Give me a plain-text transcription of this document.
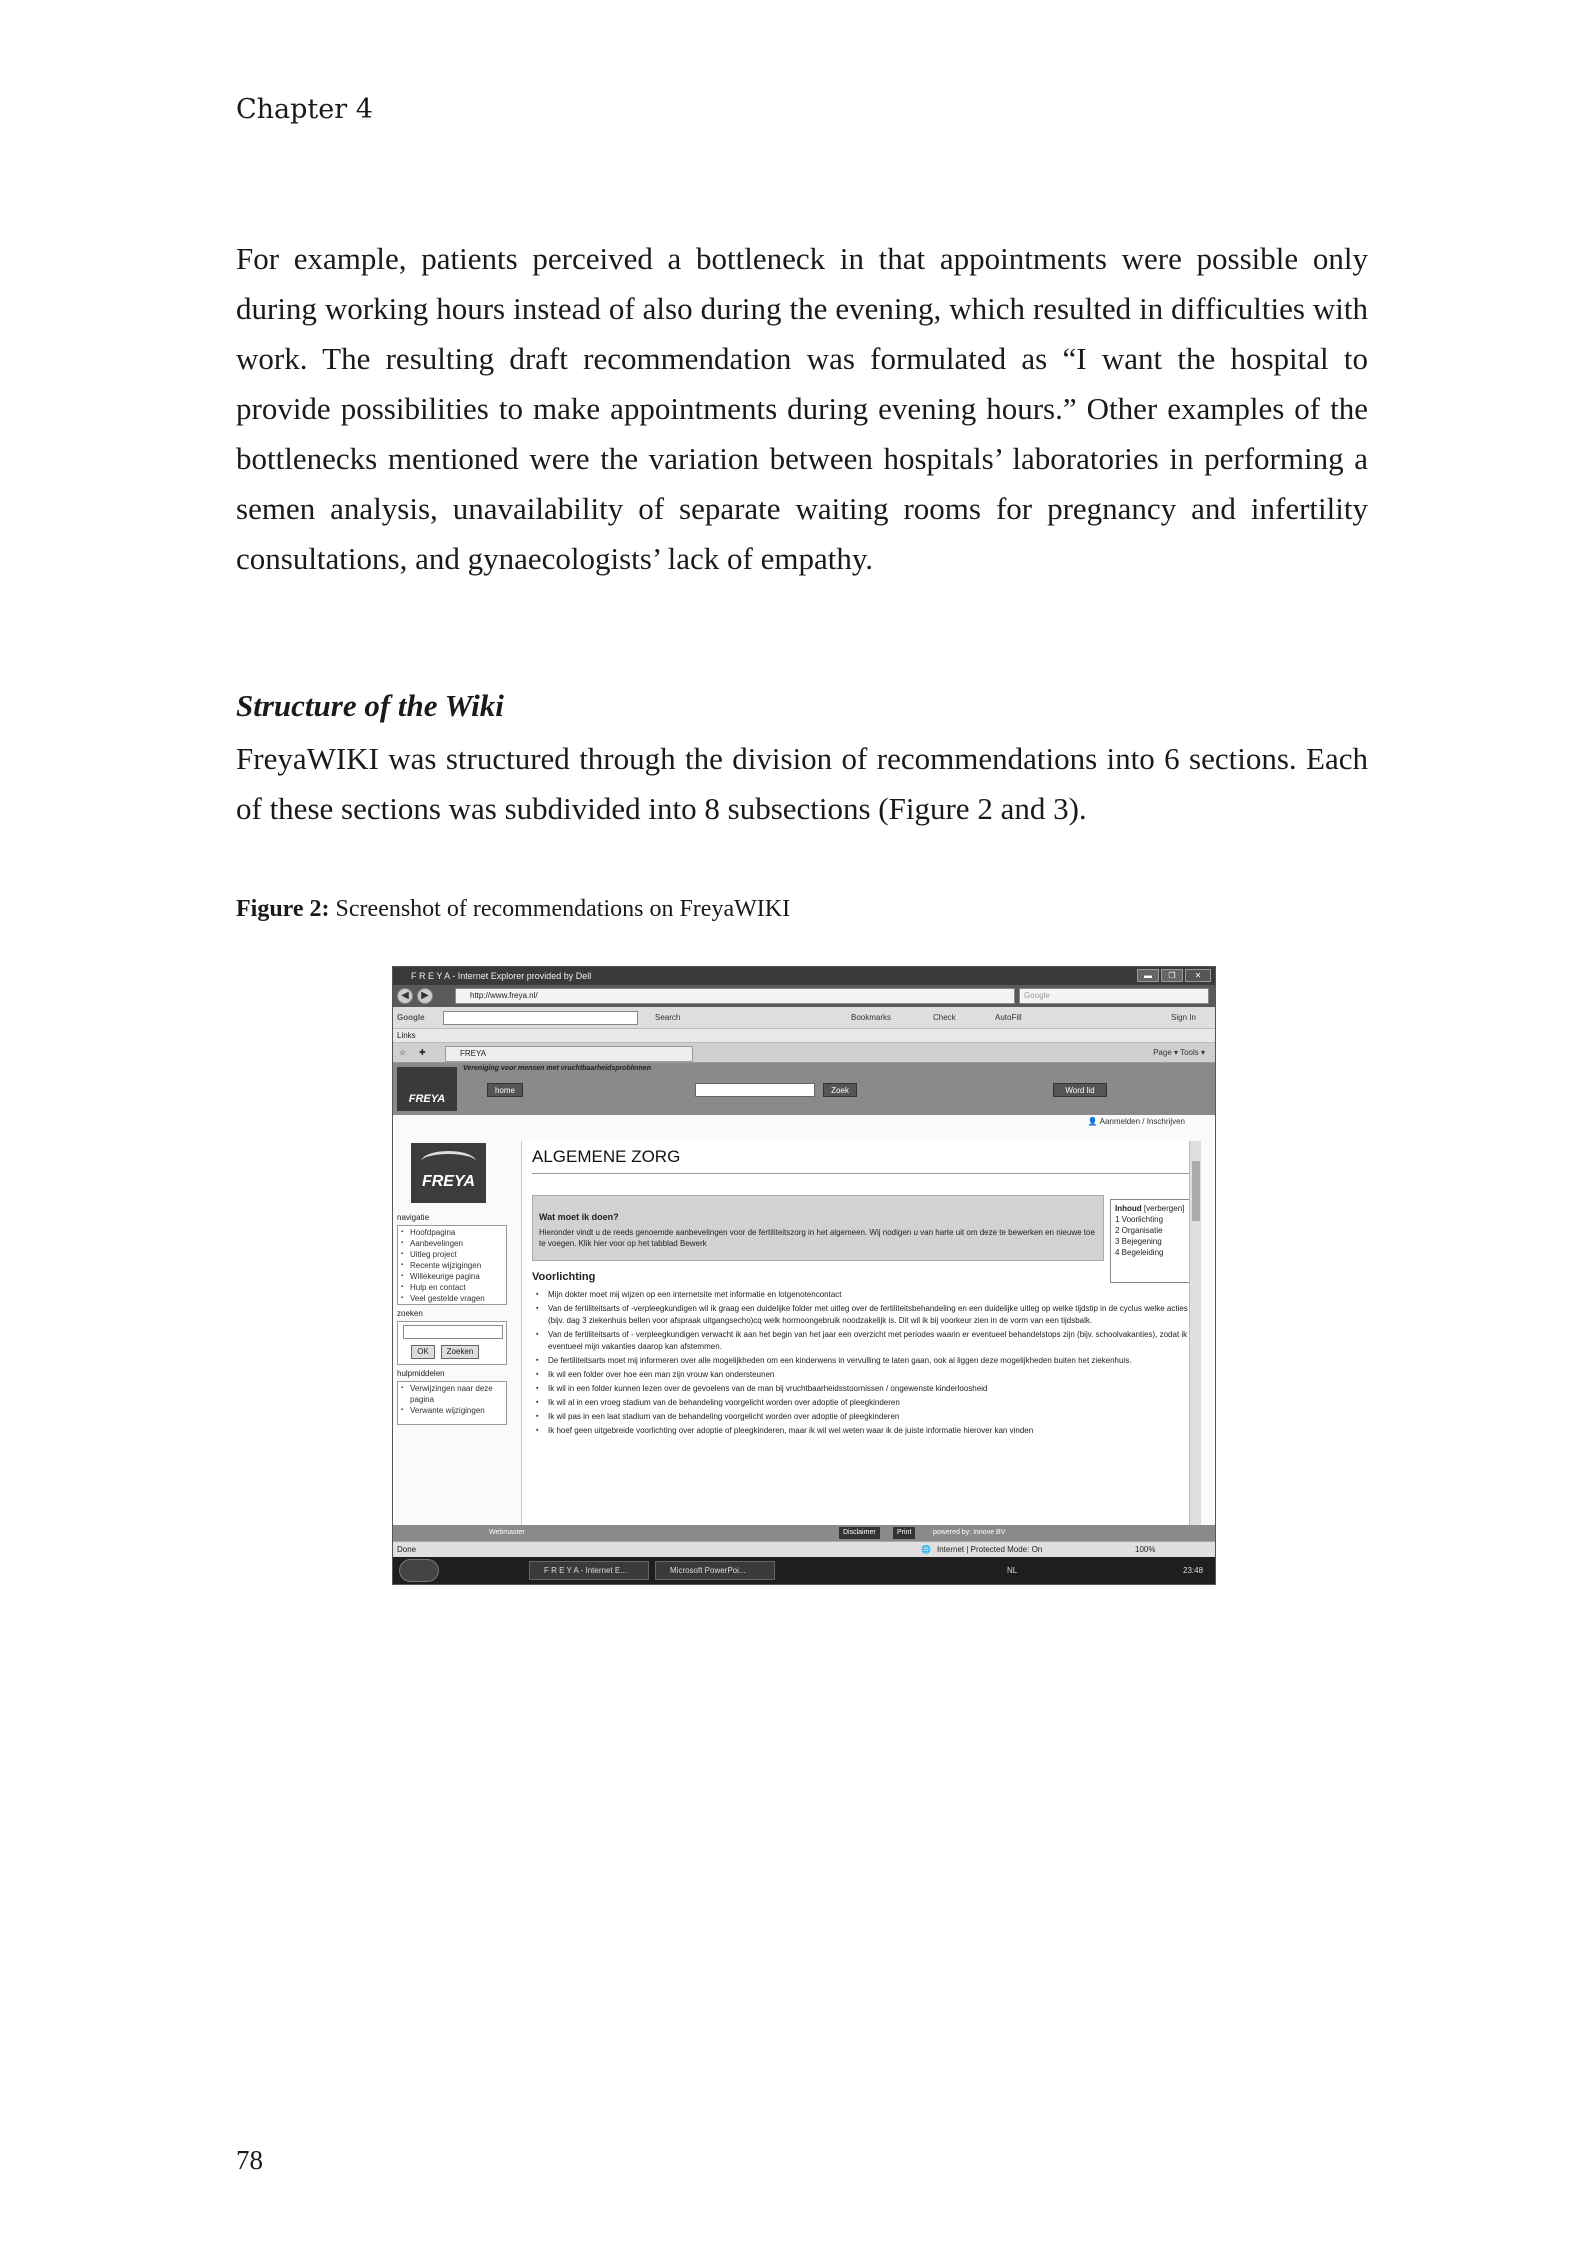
Chapter 4
For example, patients perceived a bottleneck in that appointments were possible only during working hours instead of also during the evening, which resulted in difficulties with work. The resulting draft recommendation was formulated as “I want the hospital to provide possibilities to make appointments during evening hours.” Other examples of the bottlenecks mentioned were the variation between hospitals’ laboratories in performing a semen analysis, unavailability of separate waiting rooms for pregnancy and infertility consultations, and gynaecologists’ lack of empathy.
Structure of the Wiki
FreyaWIKI was structured through the division of recommendations into 6 sections. Each of these sections was subdivided into 8 subsections (Figure 2 and 3).
Figure 2: Screenshot of recommendations on FreyaWIKI
F R E Y A - Internet Explorer provided by Dell	▬	❐	✕
◀	▶	http://www.freya.nl/	Google
Google	Search	Bookmarks	Check	AutoFill	Sign In
Links
☆ ✚	FREYA	Page ▾ Tools ▾
FREYA
Vereniging voor mensen met vruchtbaarheidsproblemen
home	Zoek	Word lid
👤 Aanmelden / Inschrijven
FREYA
navigatie
▪ Hoofdpagina
▪ Aanbevelingen
▪ Uitleg project
▪ Recente wijzigingen
▪ Willekeurige pagina
▪ Hulp en contact
▪ Veel gestelde vragen
zoeken
OK	Zoeken
hulpmiddelen
▪ Verwijzingen naar deze pagina
▪ Verwante wijzigingen
ALGEMENE ZORG
Wat moet ik doen?
Hieronder vindt u de reeds genoemde aanbevelingen voor de fertiliteitszorg in het algemeen. Wij nodigen u van harte uit om deze te bewerken en nieuwe toe te voegen. Klik hier voor op het tabblad Bewerk
Inhoud [verbergen]
1 Voorlichting
2 Organisatie
3 Bejegening
4 Begeleiding
Voorlichting
▪ Mijn dokter moet mij wijzen op een internetsite met informatie en lotgenotencontact
▪ Van de fertiliteitsarts of -verpleegkundigen wil ik graag een duidelijke folder met uitleg over de fertiliteitsbehandeling en een duidelijke uitleg op welke tijdstip in de cyclus welke acties (bijv. dag 3 ziekenhuis bellen voor afspraak uitgangsecho)cq welk hormoongebruik noodzakelijk is. Dit wil ik bij voorkeur zien in de vorm van een tijdsbalk.
▪ Van de fertiliteitsarts of - verpleegkundigen verwacht ik aan het begin van het jaar een overzicht met periodes waarin er eventueel behandelstops zijn (bijv. schoolvakanties), zodat ik eventueel mijn vakanties daarop kan afstemmen.
▪ De fertiliteitsarts moet mij informeren over alle mogelijkheden om een kinderwens in vervulling te laten gaan, ook al liggen deze mogelijkheden buiten het ziekenhuis.
▪ Ik wil een folder over hoe een man zijn vrouw kan ondersteunen
▪ Ik wil in een folder kunnen lezen over de gevoelens van de man bij vruchtbaarheidsstoornissen / ongewenste kinderloosheid
▪ Ik wil al in een vroeg stadium van de behandeling voorgelicht worden over adoptie of pleegkinderen
▪ Ik wil pas in een laat stadium van de behandeling voorgelicht worden over adoptie of pleegkinderen
▪ Ik hoef geen uitgebreide voorlichting over adoptie of pleegkinderen, maar ik wil wel weten waar ik de juiste informatie hierover kan vinden
Webmaster	Disclaimer	Print	powered by: Innove BV
Done	🌐 Internet | Protected Mode: On	100%
F R E Y A - Internet E...	Microsoft PowerPoi...	NL	23:48
78
